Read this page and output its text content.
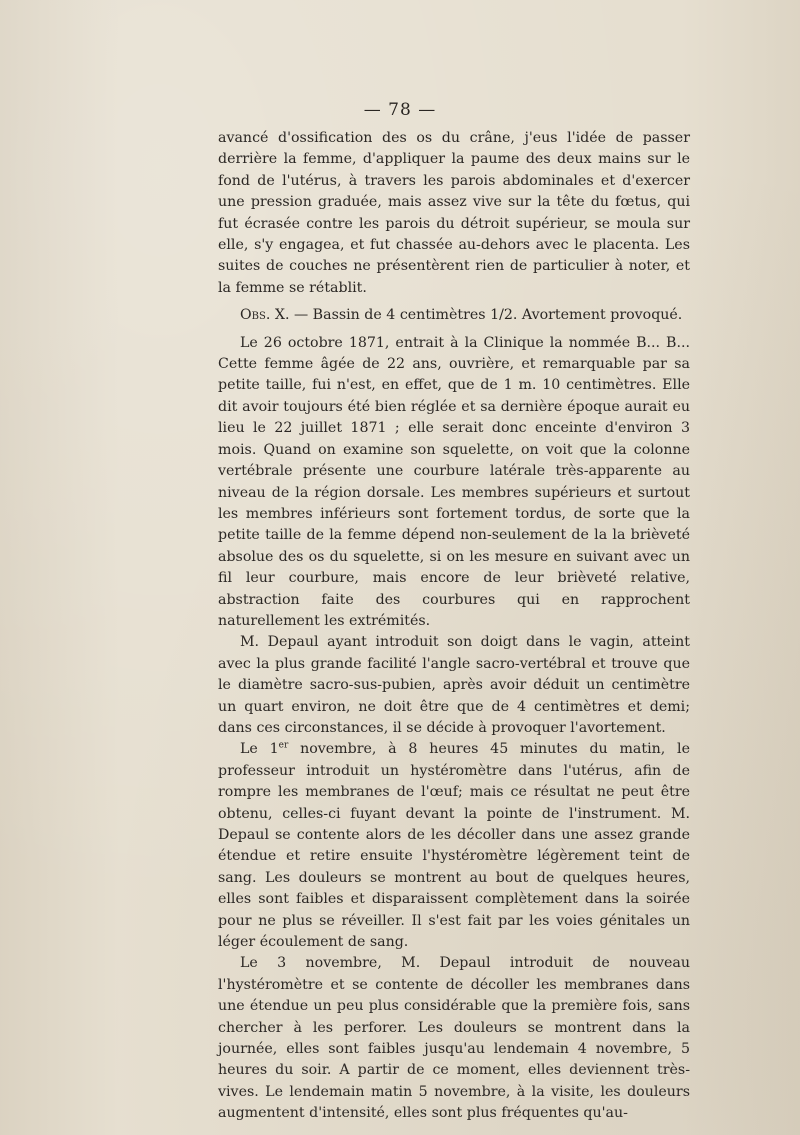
— 78 —

avancé d'ossification des os du crâne, j'eus l'idée de passer derrière la femme, d'appliquer la paume des deux mains sur le fond de l'utérus, à travers les parois abdominales et d'exercer une pression graduée, mais assez vive sur la tête du fœtus, qui fut écrasée contre les parois du détroit supérieur, se moula sur elle, s'y engagea, et fut chassée au-dehors avec le placenta. Les suites de couches ne présentèrent rien de particulier à noter, et la femme se rétablit.

Obs. X. — Bassin de 4 centimètres 1/2. Avortement provoqué.

Le 26 octobre 1871, entrait à la Clinique la nommée B... B... Cette femme âgée de 22 ans, ouvrière, et remarquable par sa petite taille, fui n'est, en effet, que de 1 m. 10 centimètres. Elle dit avoir toujours été bien réglée et sa dernière époque aurait eu lieu le 22 juillet 1871 ; elle serait donc enceinte d'environ 3 mois. Quand on examine son squelette, on voit que la colonne vertébrale présente une courbure latérale très-apparente au niveau de la région dorsale. Les membres supérieurs et surtout les membres inférieurs sont fortement tordus, de sorte que la petite taille de la femme dépend non-seulement de la la brièveté absolue des os du squelette, si on les mesure en suivant avec un fil leur courbure, mais encore de leur brièveté relative, abstraction faite des courbures qui en rapprochent naturellement les extrémités.

M. Depaul ayant introduit son doigt dans le vagin, atteint avec la plus grande facilité l'angle sacro-vertébral et trouve que le diamètre sacro-sus-pubien, après avoir déduit un centimètre un quart environ, ne doit être que de 4 centimètres et demi; dans ces circonstances, il se décide à provoquer l'avortement.

Le 1er novembre, à 8 heures 45 minutes du matin, le professeur introduit un hystéromètre dans l'utérus, afin de rompre les membranes de l'œuf; mais ce résultat ne peut être obtenu, celles-ci fuyant devant la pointe de l'instrument. M. Depaul se contente alors de les décoller dans une assez grande étendue et retire ensuite l'hystéromètre légèrement teint de sang. Les douleurs se montrent au bout de quelques heures, elles sont faibles et disparaissent complètement dans la soirée pour ne plus se réveiller. Il s'est fait par les voies génitales un léger écoulement de sang.

Le 3 novembre, M. Depaul introduit de nouveau l'hystéromètre et se contente de décoller les membranes dans une étendue un peu plus considérable que la première fois, sans chercher à les perforer. Les douleurs se montrent dans la journée, elles sont faibles jusqu'au lendemain 4 novembre, 5 heures du soir. A partir de ce moment, elles deviennent très-vives. Le lendemain matin 5 novembre, à la visite, les douleurs augmentent d'intensité, elles sont plus fréquentes qu'au-
